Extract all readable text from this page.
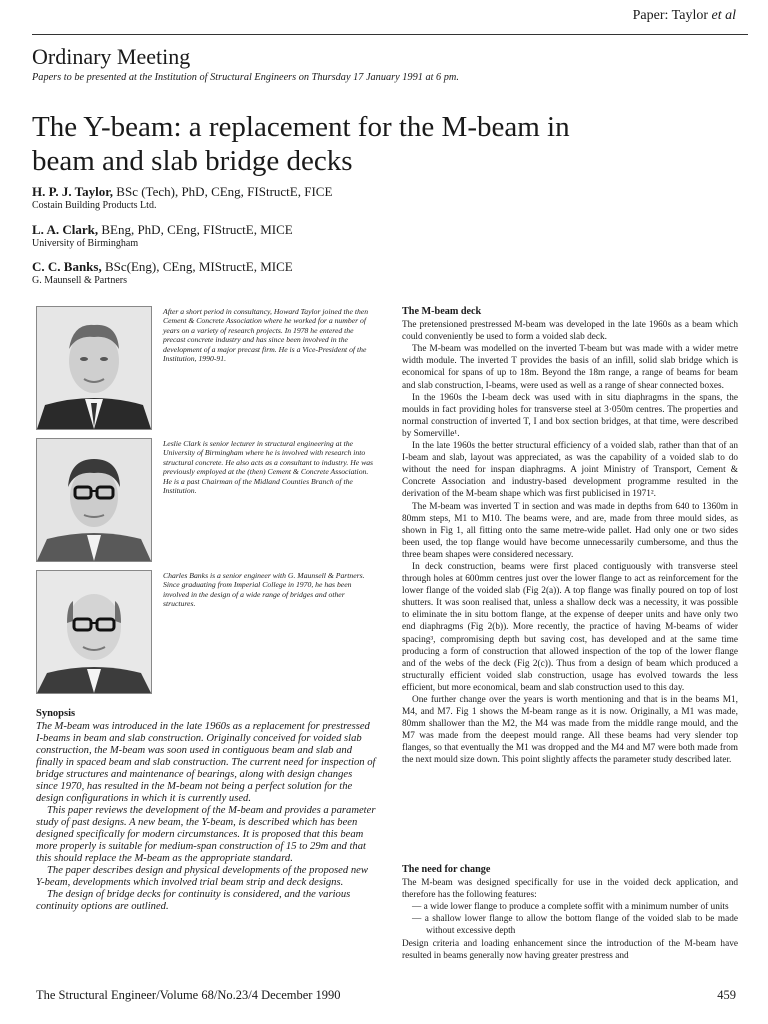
Paper: Taylor et al
Ordinary Meeting
Papers to be presented at the Institution of Structural Engineers on Thursday 17 January 1991 at 6 pm.
The Y-beam: a replacement for the M-beam in
beam and slab bridge decks
H. P. J. Taylor, BSc (Tech), PhD, CEng, FIStructE, FICE
Costain Building Products Ltd.
L. A. Clark, BEng, PhD, CEng, FIStructE, MICE
University of Birmingham
C. C. Banks, BSc(Eng), CEng, MIStructE, MICE
G. Maunsell & Partners
After a short period in consultancy, Howard Taylor joined the then Cement & Concrete Association where he worked for a number of years on a variety of research projects. In 1978 he entered the precast concrete industry and has since been involved in the development of a major precast firm. He is a Vice-President of the Institution, 1990-91.
Leslie Clark is senior lecturer in structural engineering at the University of Birmingham where he is involved with research into structural concrete. He also acts as a consultant to industry. He was previously employed at the (then) Cement & Concrete Association. He is a past Chairman of the Midland Counties Branch of the Institution.
Charles Banks is a senior engineer with G. Maunsell & Partners. Since graduating from Imperial College in 1970, he has been involved in the design of a wide range of bridges and other structures.
Synopsis

The M-beam was introduced in the late 1960s as a replacement for prestressed I-beams in beam and slab construction. Originally conceived for voided slab construction, the M-beam was soon used in contiguous beam and slab and finally in spaced beam and slab construction. The current need for inspection of bridge structures and maintenance of bearings, along with design changes since 1970, has resulted in the M-beam not being a perfect solution for the design configurations in which it is currently used.

This paper reviews the development of the M-beam and provides a parameter study of past designs. A new beam, the Y-beam, is described which has been designed specifically for modern circumstances. It is proposed that this beam more properly is suitable for medium-span construction of 15 to 29m and that this should replace the M-beam as the appropriate standard.

The paper describes design and physical developments of the proposed new Y-beam, developments which involved trial beam strip and deck designs.

The design of bridge decks for continuity is considered, and the various continuity options are outlined.

The M-beam deck

The pretensioned prestressed M-beam was developed in the late 1960s as a beam which could conveniently be used to form a voided slab deck.

The M-beam was modelled on the inverted T-beam but was made with a wider metre width module. The inverted T provides the basis of an infill, solid slab bridge which is economical for spans of up to 18m. Beyond the 18m range, a range of beams for beam and slab construction, I-beams, were used as well as a range of shear connected boxes.

In the 1960s the I-beam deck was used with in situ diaphragms in the spans, the moulds in fact providing holes for transverse steel at 3·050m centres. The properties and normal construction of inverted T, I and box section bridges, at that time, were described by Somerville¹.

In the late 1960s the better structural efficiency of a voided slab, rather than that of an I-beam and slab, layout was appreciated, as was the capability of a voided slab to do without the need for inspan diaphragms. A joint Ministry of Transport, Cement & Concrete Association and industry-based development programme resulted in the derivation of the M-beam shape which was first publicised in 1971².

The M-beam was inverted T in section and was made in depths from 640 to 1360m in 80mm steps, M1 to M10. The beams were, and are, made from three mould sides, as shown in Fig 1, all fitting onto the same metre-wide pallet. Had only one or two sides been used, the top flange would have become unnecessarily cumbersome, and thus the three beam shapes were considered necessary.

In deck construction, beams were first placed contiguously with transverse steel through holes at 600mm centres just over the lower flange to act as reinforcement for the lower flange of the voided slab (Fig 2(a)). A top flange was finally poured on top of lost shutters. It was soon realised that, unless a shallow deck was a necessity, it was possible to eliminate the in situ bottom flange, at the expense of deeper units and have only two end diaphragms (Fig 2(b)). More recently, the practice of having M-beams of wider spacing³, compromising depth but saving cost, has developed and at the same time producing a form of construction that allowed inspection of the top of the lower flange and of the webs of the deck (Fig 2(c)). Thus from a design of beam which produced a structurally efficient voided slab construction, usage has evolved towards the less efficient, but more economical, beam and slab construction used to this day.

One further change over the years is worth mentioning and that is in the beams M1, M4, and M7. Fig 1 shows the M-beam range as it is now. Originally, a M1 was made, 80mm shallower than the M2, the M4 was made from the middle range mould, and the M7 was made from the deepest mould range. All these beams had very slender top flanges, so that eventually the M1 was dropped and the M4 and M7 were both made from the next mould size down. This point slightly affects the parameter study described later.

The need for change

The M-beam was designed specifically for use in the voided deck application, and therefore has the following features:

— a wide lower flange to produce a complete soffit with a minimum number of units
— a shallow lower flange to allow the bottom flange of the voided slab to be made without excessive depth

Design criteria and loading enhancement since the introduction of the M-beam have resulted in beams generally now having greater prestress and

The Structural Engineer/Volume 68/No.23/4 December 1990	459
